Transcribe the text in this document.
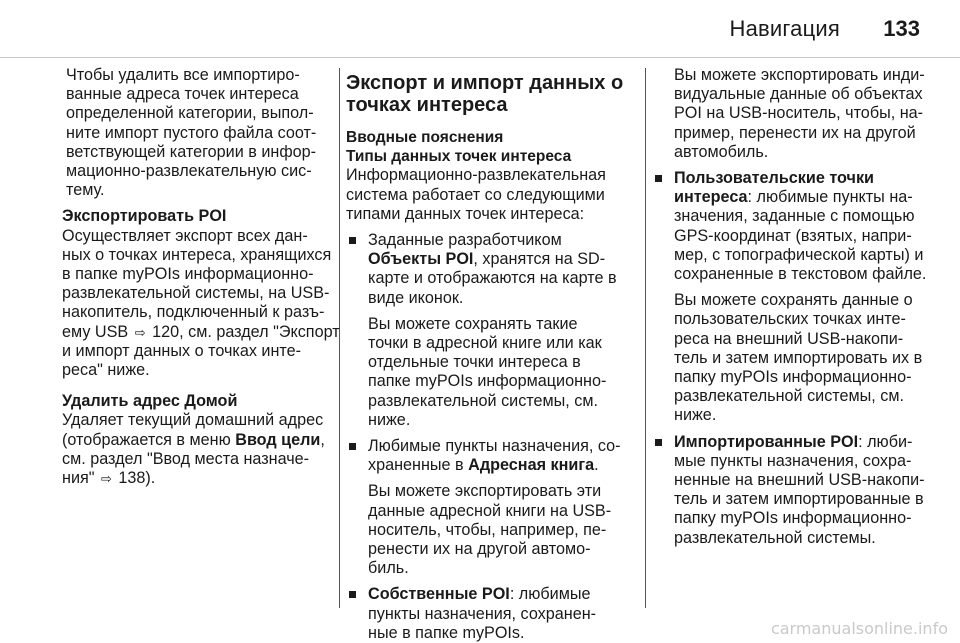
Навигация 133
Чтобы удалить все импортиро-
ванные адреса точек интереса
определенной категории, выпол-
ните импорт пустого файла соот-
ветствующей категории в инфор-
мационно-развлекательную сис-
тему.
Экспортировать POI
Осуществляет экспорт всех дан-
ных о точках интереса, хранящихся
в папке myPOIs информационно-
развлекательной системы, на USB-
накопитель, подключенный к разъ-
ему USB ⇨ 120, см. раздел "Экспорт
и импорт данных о точках инте-
реса" ниже.
Удалить адрес Домой
Удаляет текущий домашний адрес
(отображается в меню Ввод цели,
см. раздел "Ввод места назначе-
ния" ⇨ 138).
Экспорт и импорт данных о
точках интереса
Вводные пояснения
Типы данных точек интереса
Информационно-развлекательная
система работает со следующими
типами данных точек интереса:
Заданные разработчиком
Объекты POI, хранятся на SD-
карте и отображаются на карте в
виде иконок.
Вы можете сохранять такие
точки в адресной книге или как
отдельные точки интереса в
папке myPOIs информационно-
развлекательной системы, см.
ниже.
Любимые пункты назначения, со-
храненные в Адресная книга.
Вы можете экспортировать эти
данные адресной книги на USB-
носитель, чтобы, например, пе-
ренести их на другой автомо-
биль.
Собственные POI: любимые
пункты назначения, сохранен-
ные в папке myPOIs.
Вы можете экспортировать инди-
видуальные данные об объектах
POI на USB-носитель, чтобы, на-
пример, перенести их на другой
автомобиль.
Пользовательские точки
интереса: любимые пункты на-
значения, заданные с помощью
GPS-координат (взятых, напри-
мер, с топографической карты) и
сохраненные в текстовом файле.
Вы можете сохранять данные о
пользовательских точках инте-
реса на внешний USB-накопи-
тель и затем импортировать их в
папку myPOIs информационно-
развлекательной системы, см.
ниже.
Импортированные POI: люби-
мые пункты назначения, сохра-
ненные на внешний USB-накопи-
тель и затем импортированные в
папку myPOIs информационно-
развлекательной системы.
carmanualsonline.info
